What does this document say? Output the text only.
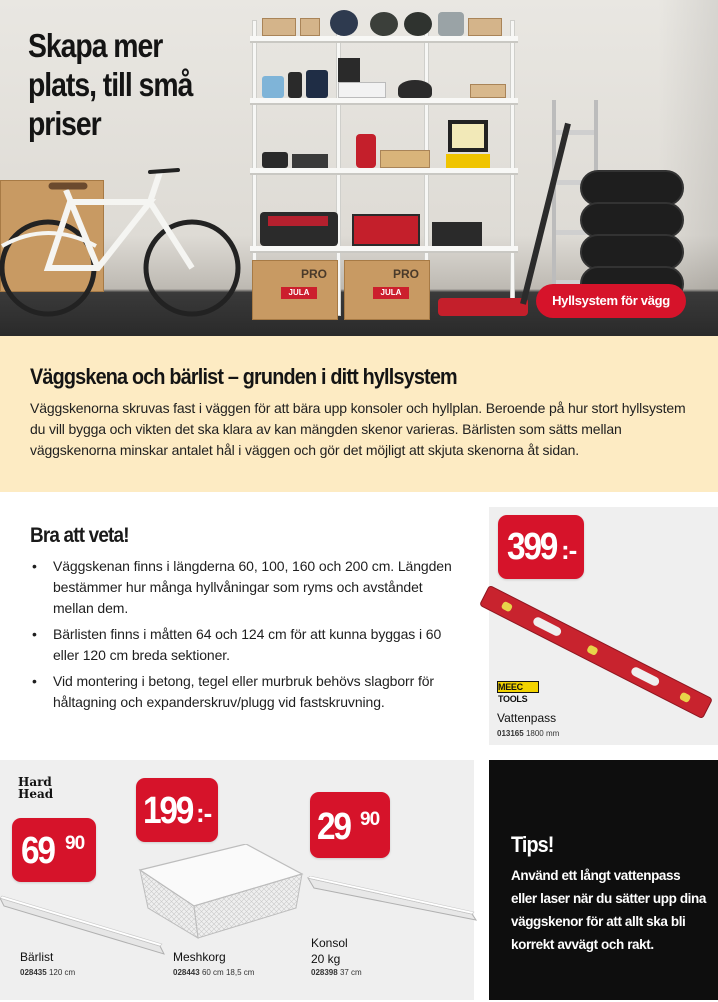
PRO
JULA
PRO
JULA
Skapa mer plats, till små priser
Hyllsystem för vägg
Väggskena och bärlist – grunden i ditt hyllsystem

Väggskenorna skruvas fast i väggen för att bära upp konsoler och hyllplan. Beroende på hur stort hyllsystem du vill bygga och vikten det ska klara av kan mängden skenor varieras. Bärlisten som sätts mellan väggskenorna minskar antalet hål i väggen och gör det möjligt att skjuta skenorna åt sidan.

Bra att veta!
• Väggskenan finns i längderna 60, 100, 160 och 200 cm. Längden bestämmer hur många hyllvåningar som ryms och avståndet mellan dem.
• Bärlisten finns i måtten 64 och 124 cm för att kunna byggas i 60 eller 120 cm breda sektioner.
• Vid montering i betong, tegel eller murbruk behövs slagborr för håltagning och expanderskruv/plugg vid fastskruvning.
399 :-
MEEC TOOLS
Vattenpass
013165 1800 mm
Hard Head
69 90
Bärlist
028435 120 cm
199 :-
Meshkorg
028443 60 cm 18,5 cm
29 90
Konsol
20 kg
028398 37 cm
Tips!

Använd ett långt vattenpass eller laser när du sätter upp dina väggskenor för att allt ska bli korrekt avvägt och rakt.
